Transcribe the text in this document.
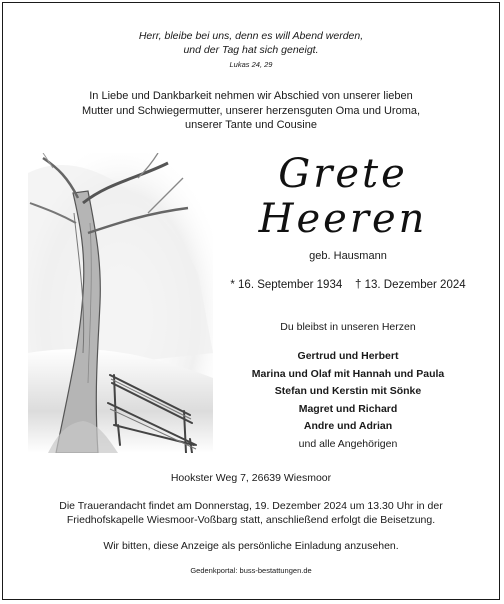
Herr, bleibe bei uns, denn es will Abend werden,
und der Tag hat sich geneigt.
Lukas 24, 29
In Liebe und Dankbarkeit nehmen wir Abschied von unserer lieben
Mutter und Schwiegermutter, unserer herzensguten Oma und Uroma,
unserer Tante und Cousine
Grete
Heeren
geb. Hausmann
* 16. September 1934 † 13. Dezember 2024
Du bleibst in unseren Herzen
Gertrud und Herbert
Marina und Olaf mit Hannah und Paula
Stefan und Kerstin mit Sönke
Magret und Richard
Andre und Adrian
und alle Angehörigen
Hookster Weg 7, 26639 Wiesmoor
Die Trauerandacht findet am Donnerstag, 19. Dezember 2024 um 13.30 Uhr in der
Friedhofskapelle Wiesmoor-Voßbarg statt, anschließend erfolgt die Beisetzung.
Wir bitten, diese Anzeige als persönliche Einladung anzusehen.
Gedenkportal: buss-bestattungen.de
